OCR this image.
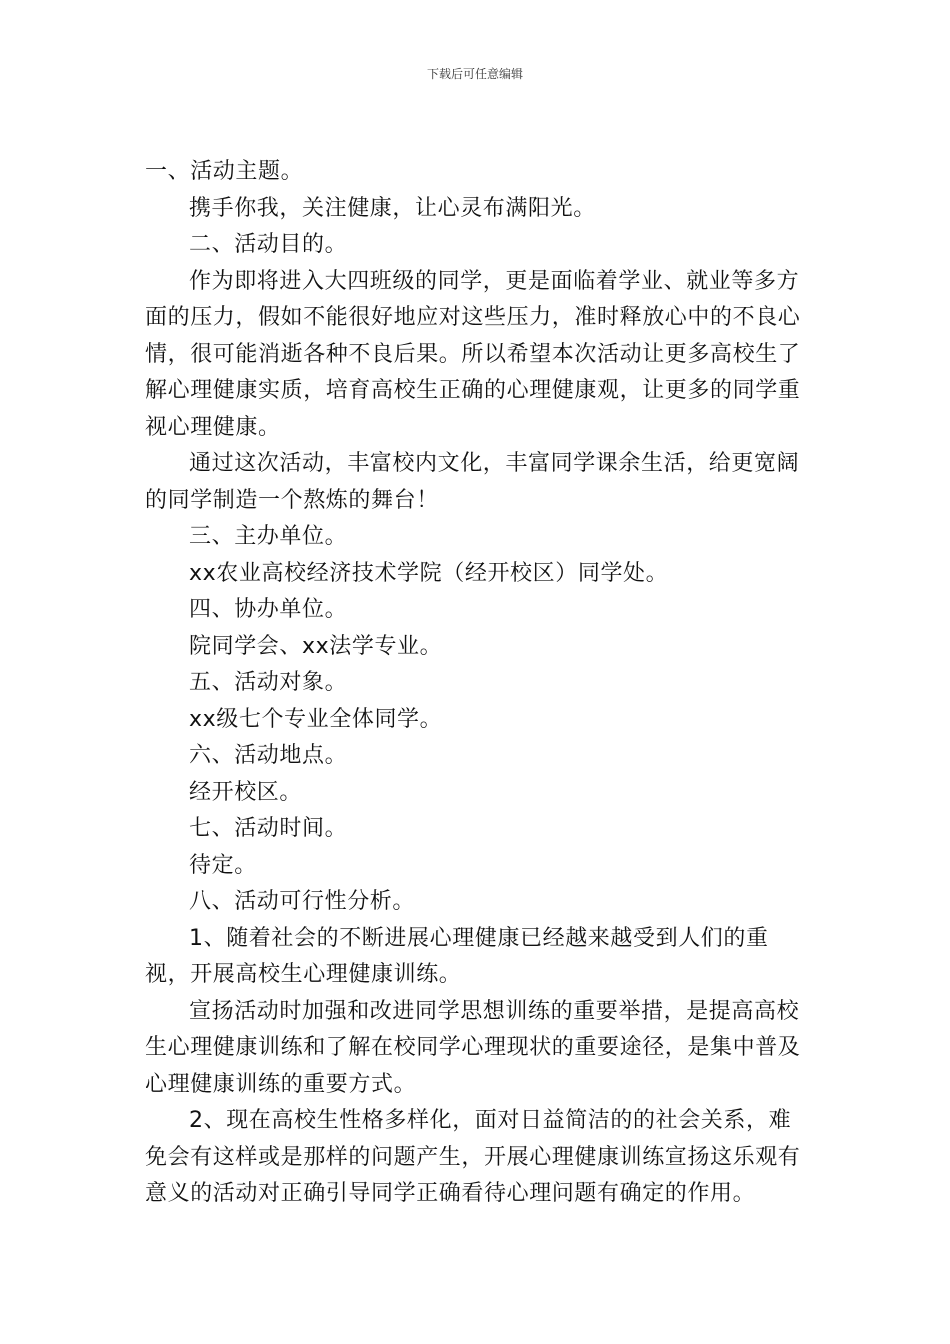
下载后可任意编辑

一、活动主题。

携手你我，关注健康，让心灵布满阳光。

二、活动目的。

作为即将进入大四班级的同学，更是面临着学业、就业等多方面的压力，假如不能很好地应对这些压力，准时释放心中的不良心情，很可能消逝各种不良后果。所以希望本次活动让更多高校生了解心理健康实质，培育高校生正确的心理健康观，让更多的同学重视心理健康。

通过这次活动，丰富校内文化，丰富同学课余生活，给更宽阔的同学制造一个熬炼的舞台！

三、主办单位。

xx农业高校经济技术学院（经开校区）同学处。

四、协办单位。

院同学会、xx法学专业。

五、活动对象。

xx级七个专业全体同学。

六、活动地点。

经开校区。

七、活动时间。

待定。

八、活动可行性分析。

1、随着社会的不断进展心理健康已经越来越受到人们的重视，开展高校生心理健康训练。

宣扬活动时加强和改进同学思想训练的重要举措，是提高高校生心理健康训练和了解在校同学心理现状的重要途径，是集中普及心理健康训练的重要方式。

2、现在高校生性格多样化，面对日益简洁的的社会关系，难免会有这样或是那样的问题产生，开展心理健康训练宣扬这乐观有意义的活动对正确引导同学正确看待心理问题有确定的作用。
